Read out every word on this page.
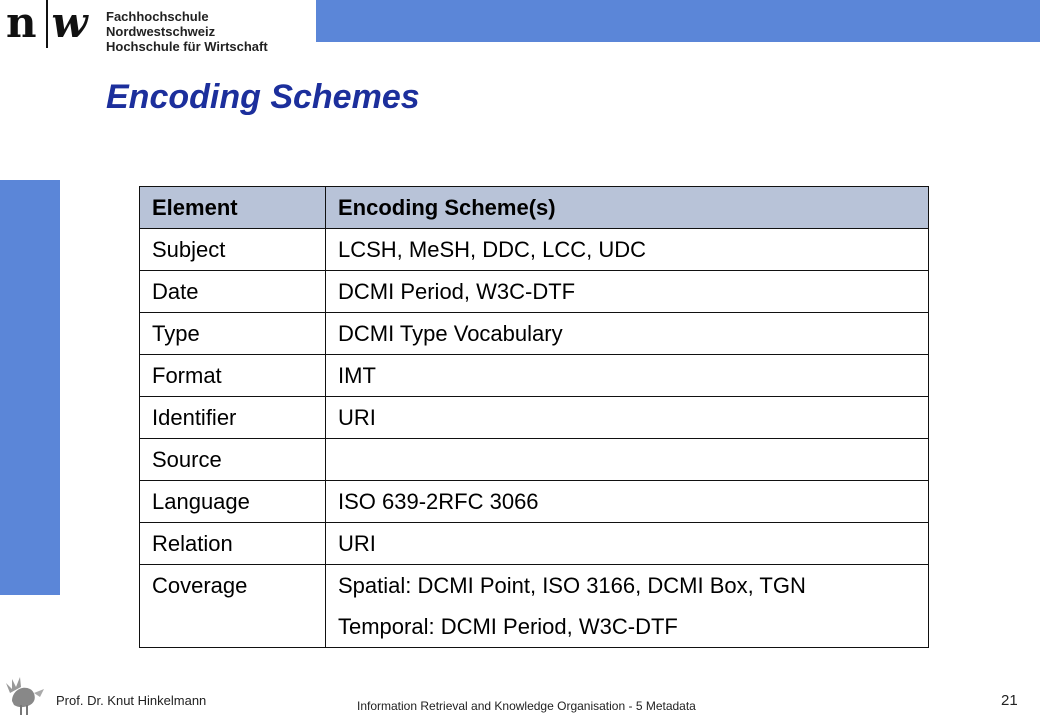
n w Fachhochschule Nordwestschweiz
Hochschule für Wirtschaft
Encoding Schemes
Element	Encoding Scheme(s)
Subject	LCSH, MeSH, DDC, LCC, UDC

Date	DCMI Period, W3C-DTF

Type	DCMI Type Vocabulary

Format	IMT

Identifier	URI

Source	

Language	ISO 639-2RFC 3066

Relation	URI

Coverage	Spatial: DCMI Point, ISO 3166, DCMI Box, TGN
Temporal: DCMI Period, W3C-DTF
Prof. Dr. Knut Hinkelmann	Information Retrieval and Knowledge Organisation - 5 Metadata	21
